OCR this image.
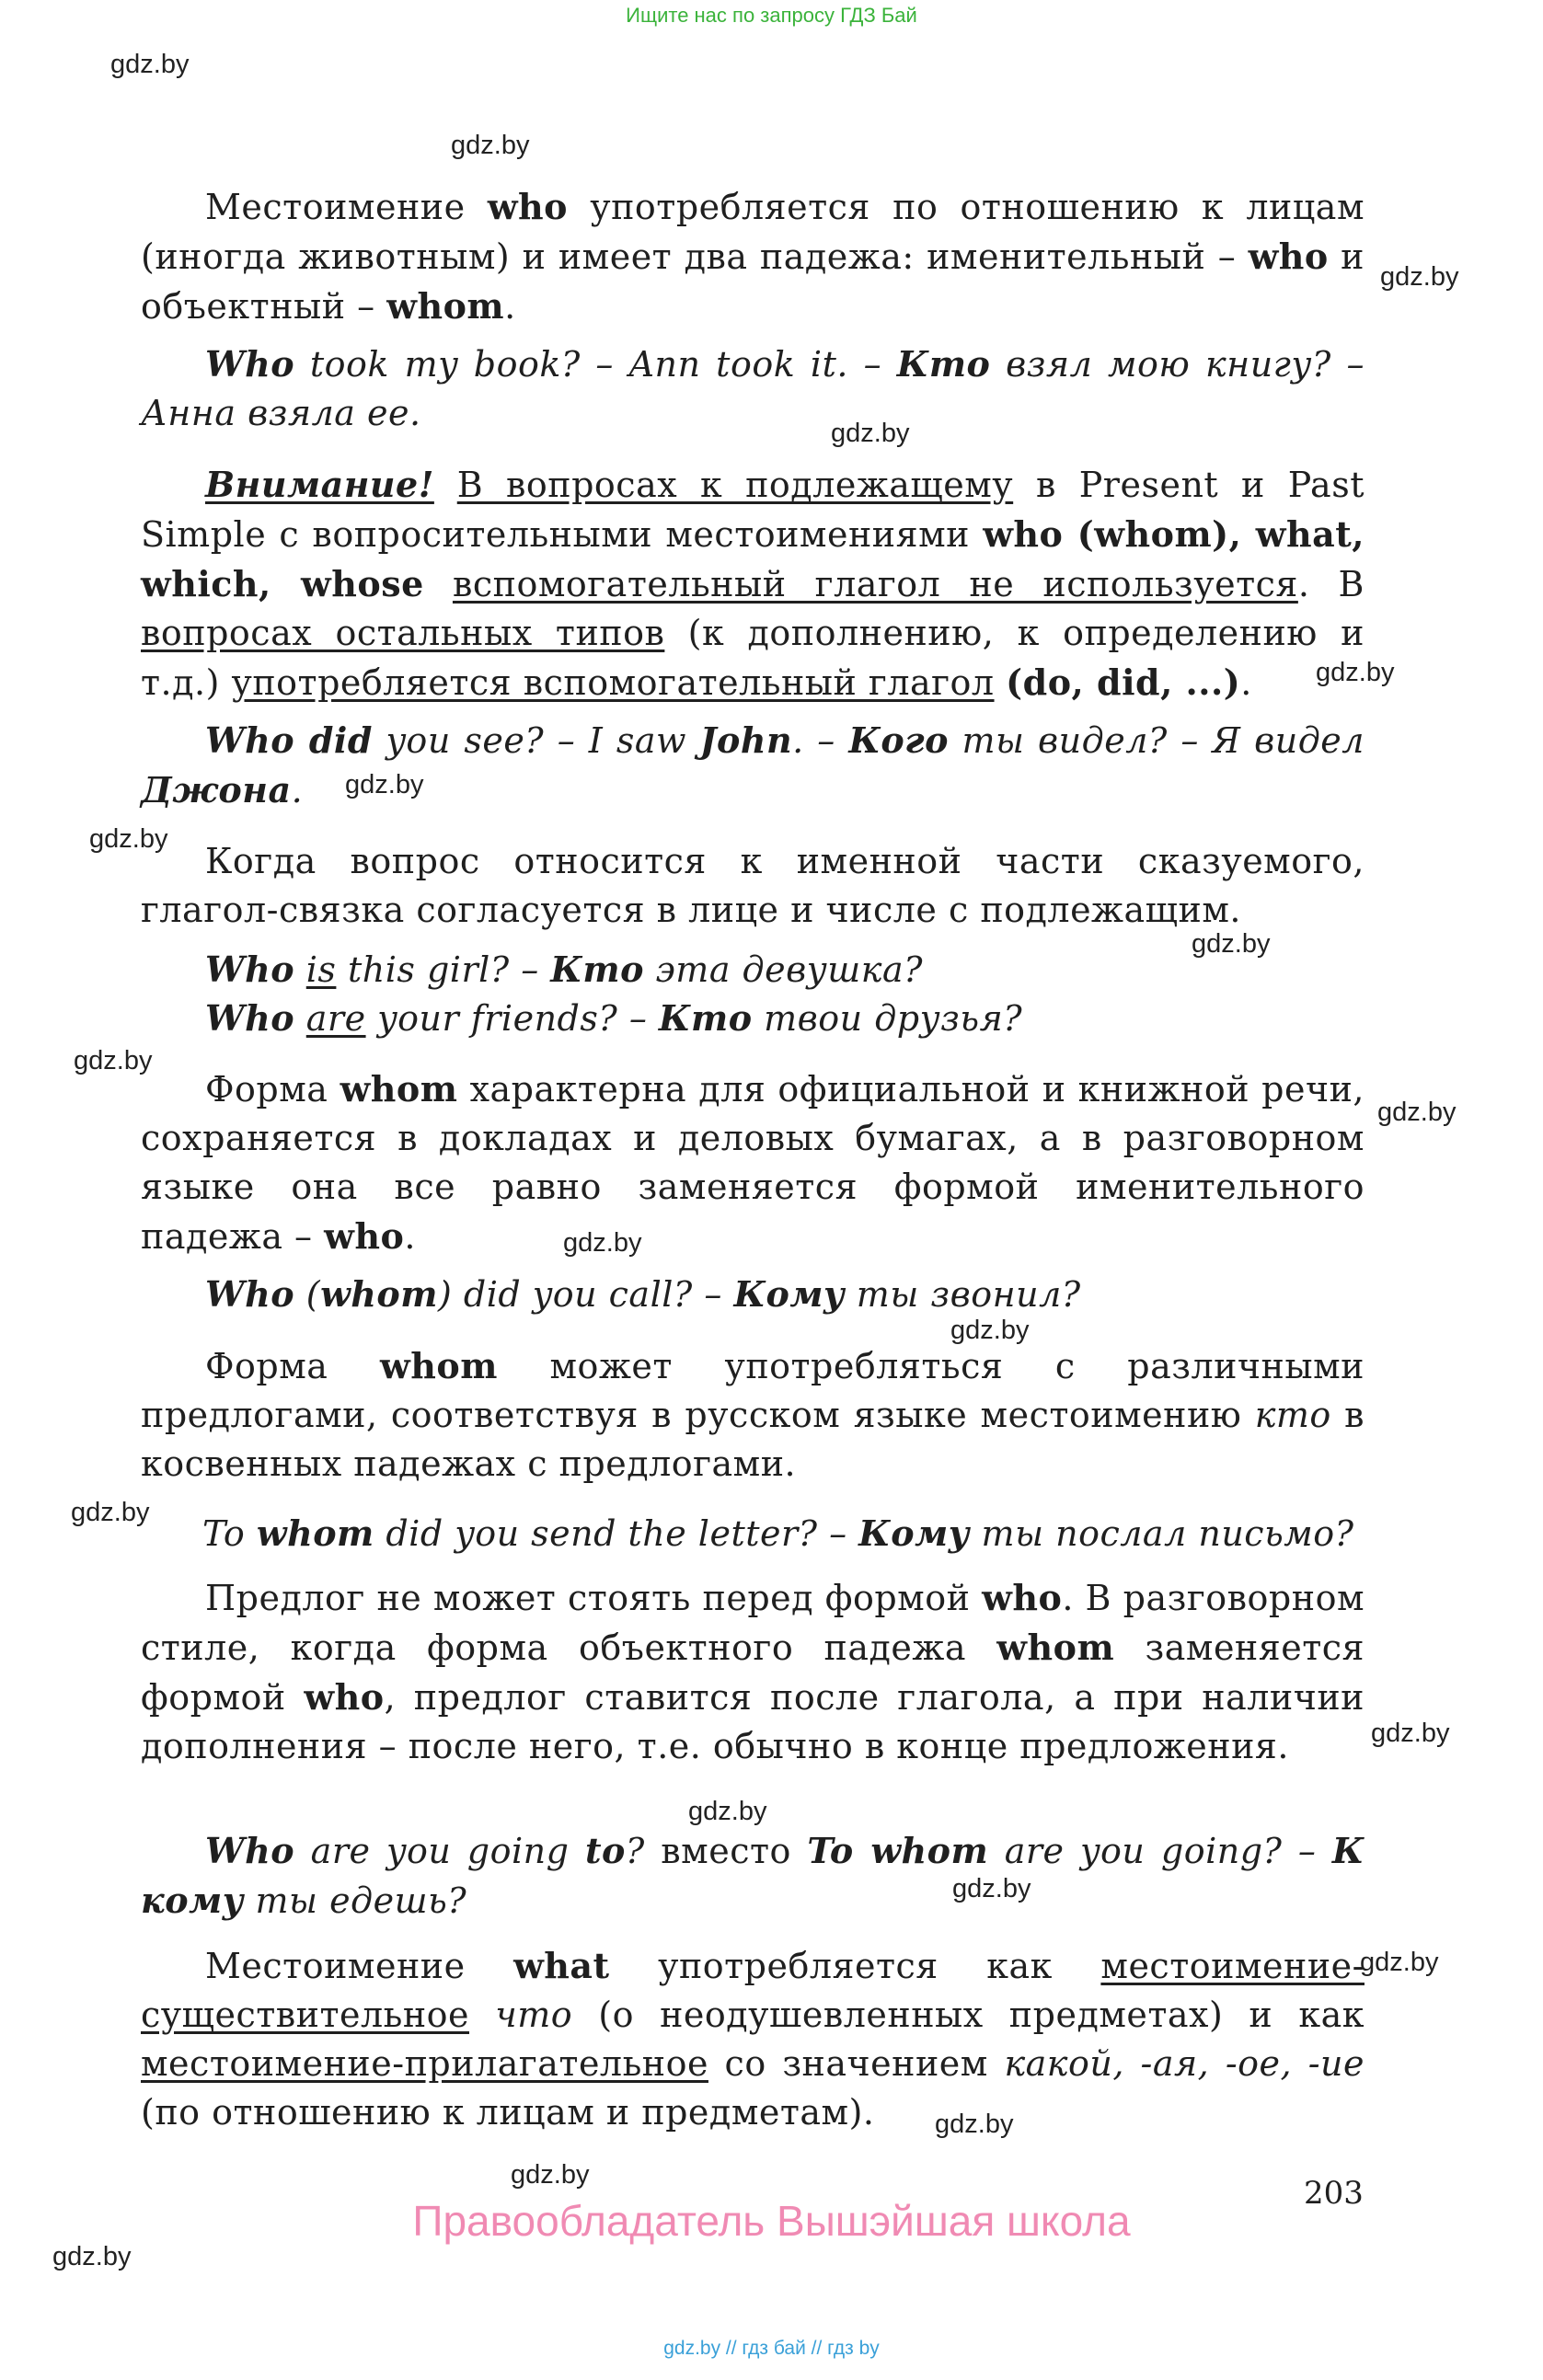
Ищите нас по запросу ГДЗ Бай
gdz.by
gdz.by
gdz.by
gdz.by
gdz.by
gdz.by
gdz.by
gdz.by
gdz.by
gdz.by
gdz.by
gdz.by
gdz.by
gdz.by
gdz.by
gdz.by
gdz.by
gdz.by
gdz.by
gdz.by
Местоимение who употребляется по отношению к лицам (иногда животным) и имеет два падежа: именительный – who и объектный – whom.
Who took my book? – Ann took it. – Кто взял мою книгу? – Анна взяла ее.
Внимание! В вопросах к подлежащему в Present и Past Simple с вопросительными местоимениями who (whom), what, which, whose вспомогательный глагол не используется. В вопросах остальных типов (к дополнению, к определению и т.д.) употребляется вспомогательный глагол (do, did, ...).
Who did you see? – I saw John. – Кого ты видел? – Я видел Джона.
Когда вопрос относится к именной части сказуемого, глагол-связка согласуется в лице и числе с подлежащим.
Who is this girl? – Кто эта девушка?
Who are your friends? – Кто твои друзья?
Форма whom характерна для официальной и книжной речи, сохраняется в докладах и деловых бумагах, а в разговорном языке она все равно заменяется формой именительного падежа – who.
Who (whom) did you call? – Кому ты звонил?
Форма whom может употребляться с различными предлогами, соответствуя в русском языке местоимению кто в косвенных падежах с предлогами.
To whom did you send the letter? – Кому ты послал письмо?
Предлог не может стоять перед формой who. В разговорном стиле, когда форма объектного падежа whom заменяется формой who, предлог ставится после глагола, а при наличии дополнения – после него, т.е. обычно в конце предложения.
Who are you going to? вместо To whom are you going? – К кому ты едешь?
Местоимение what употребляется как местоимение-существительное что (о неодушевленных предметах) и как местоимение-прилагательное со значением какой, -ая, -ое, -ие (по отношению к лицам и предметам).
203
Правообладатель Вышэйшая школа
gdz.by // гдз бай // гдз by
